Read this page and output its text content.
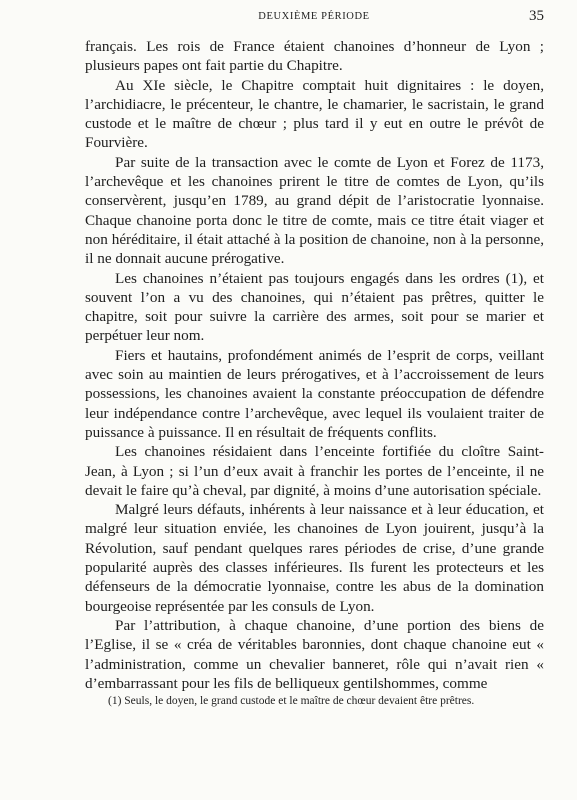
DEUXIÈME PÉRIODE	35

français. Les rois de France étaient chanoines d’honneur de Lyon ; plusieurs papes ont fait partie du Chapitre.

Au XIe siècle, le Chapitre comptait huit dignitaires : le doyen, l’archidiacre, le précenteur, le chantre, le chamarier, le sacristain, le grand custode et le maître de chœur ; plus tard il y eut en outre le prévôt de Fourvière.

Par suite de la transaction avec le comte de Lyon et Forez de 1173, l’archevêque et les chanoines prirent le titre de comtes de Lyon, qu’ils conservèrent, jusqu’en 1789, au grand dépit de l’aristocratie lyonnaise. Chaque chanoine porta donc le titre de comte, mais ce titre était viager et non héréditaire, il était attaché à la position de chanoine, non à la personne, il ne donnait aucune prérogative.

Les chanoines n’étaient pas toujours engagés dans les ordres (1), et souvent l’on a vu des chanoines, qui n’étaient pas prêtres, quitter le chapitre, soit pour suivre la carrière des armes, soit pour se marier et perpétuer leur nom.

Fiers et hautains, profondément animés de l’esprit de corps, veillant avec soin au maintien de leurs prérogatives, et à l’accroissement de leurs possessions, les chanoines avaient la constante préoccupation de défendre leur indépendance contre l’archevêque, avec lequel ils voulaient traiter de puissance à puissance. Il en résultait de fréquents conflits.

Les chanoines résidaient dans l’enceinte fortifiée du cloître Saint-Jean, à Lyon ; si l’un d’eux avait à franchir les portes de l’enceinte, il ne devait le faire qu’à cheval, par dignité, à moins d’une autorisation spéciale.

Malgré leurs défauts, inhérents à leur naissance et à leur éducation, et malgré leur situation enviée, les chanoines de Lyon jouirent, jusqu’à la Révolution, sauf pendant quelques rares périodes de crise, d’une grande popularité auprès des classes inférieures. Ils furent les protecteurs et les défenseurs de la démocratie lyonnaise, contre les abus de la domination bourgeoise représentée par les consuls de Lyon.

Par l’attribution, à chaque chanoine, d’une portion des biens de l’Eglise, il se « créa de véritables baronnies, dont chaque chanoine eut « l’administration, comme un chevalier banneret, rôle qui n’avait rien « d’embarrassant pour les fils de belliqueux gentilshommes, comme

(1) Seuls, le doyen, le grand custode et le maître de chœur devaient être prêtres.
